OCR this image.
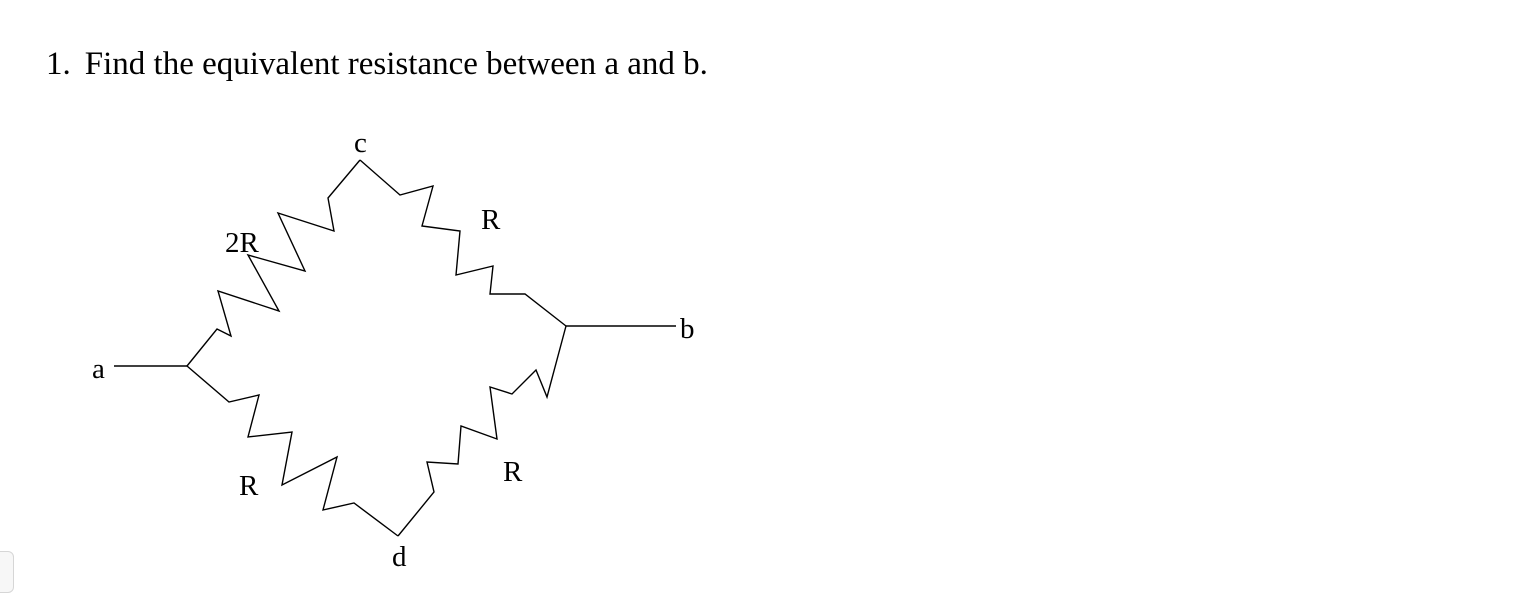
1. Find the equivalent resistance between a and b.
a
b
c
d
2R
R
R	R
